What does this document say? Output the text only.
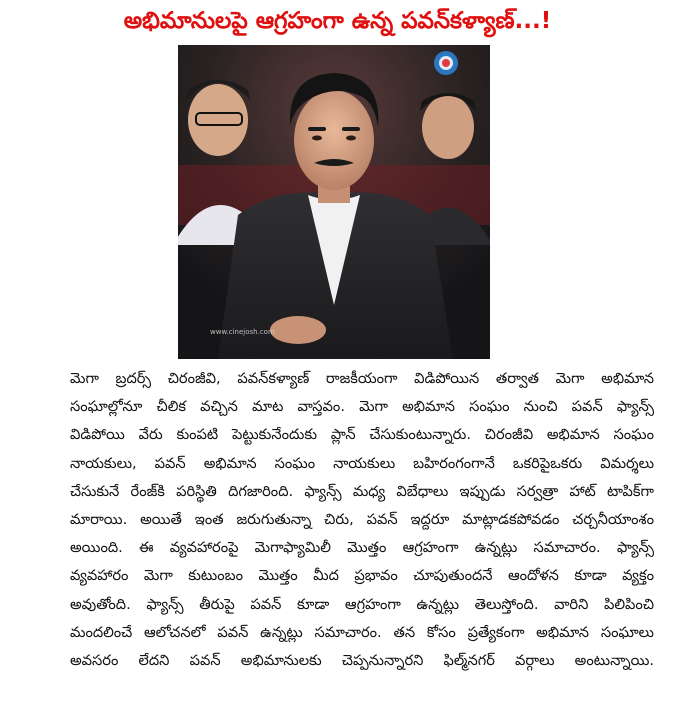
అభిమానులపై ఆగ్రహంగా ఉన్న పవన్‌కళ్యాణ్...!
www.cinejosh.com
మెగా బ్రదర్స్ చిరంజీవి, పవన్‌కళ్యాణ్ రాజకీయంగా విడిపోయిన తర్వాత మెగా అభిమాన
సంఘాల్లోనూ చీలిక వచ్చిన మాట వాస్తవం. మెగా అభిమాన సంఘం నుంచి పవన్ ఫ్యాన్స్
విడిపోయి వేరు కుంపటి పెట్టుకునేందుకు ప్లాన్ చేసుకుంటున్నారు. చిరంజీవి అభిమాన సంఘం
నాయకులు, పవన్ అభిమాన సంఘం నాయకులు బహిరంగంగానే ఒకరిపైఒకరు విమర్శలు
చేసుకునే రేంజ్‌కి పరిస్థితి దిగజారింది. ఫ్యాన్స్ మధ్య విబేధాలు ఇప్పుడు సర్వత్రా హాట్ టాపిక్‌గా
మారాయి. అయితే ఇంత జరుగుతున్నా చిరు, పవన్ ఇద్దరూ మాట్లాడకపోవడం చర్చనీయాంశం
అయింది. ఈ వ్యవహారంపై మెగాఫ్యామిలీ మొత్తం ఆగ్రహంగా ఉన్నట్లు సమాచారం. ఫ్యాన్స్
వ్యవహారం మెగా కుటుంబం మొత్తం మీద ప్రభావం చూపుతుందనే ఆందోళన కూడా వ్యక్తం
అవుతోంది. ఫ్యాన్స్ తీరుపై పవన్ కూడా ఆగ్రహంగా ఉన్నట్లు తెలుస్తోంది. వారిని పిలిపించి
మందలించే ఆలోచనలో పవన్ ఉన్నట్లు సమాచారం. తన కోసం ప్రత్యేకంగా అభిమాన సంఘాలు
అవసరం లేదని పవన్ అభిమానులకు చెప్పనున్నారని ఫిల్మ్‌నగర్ వర్గాలు అంటున్నాయి.
